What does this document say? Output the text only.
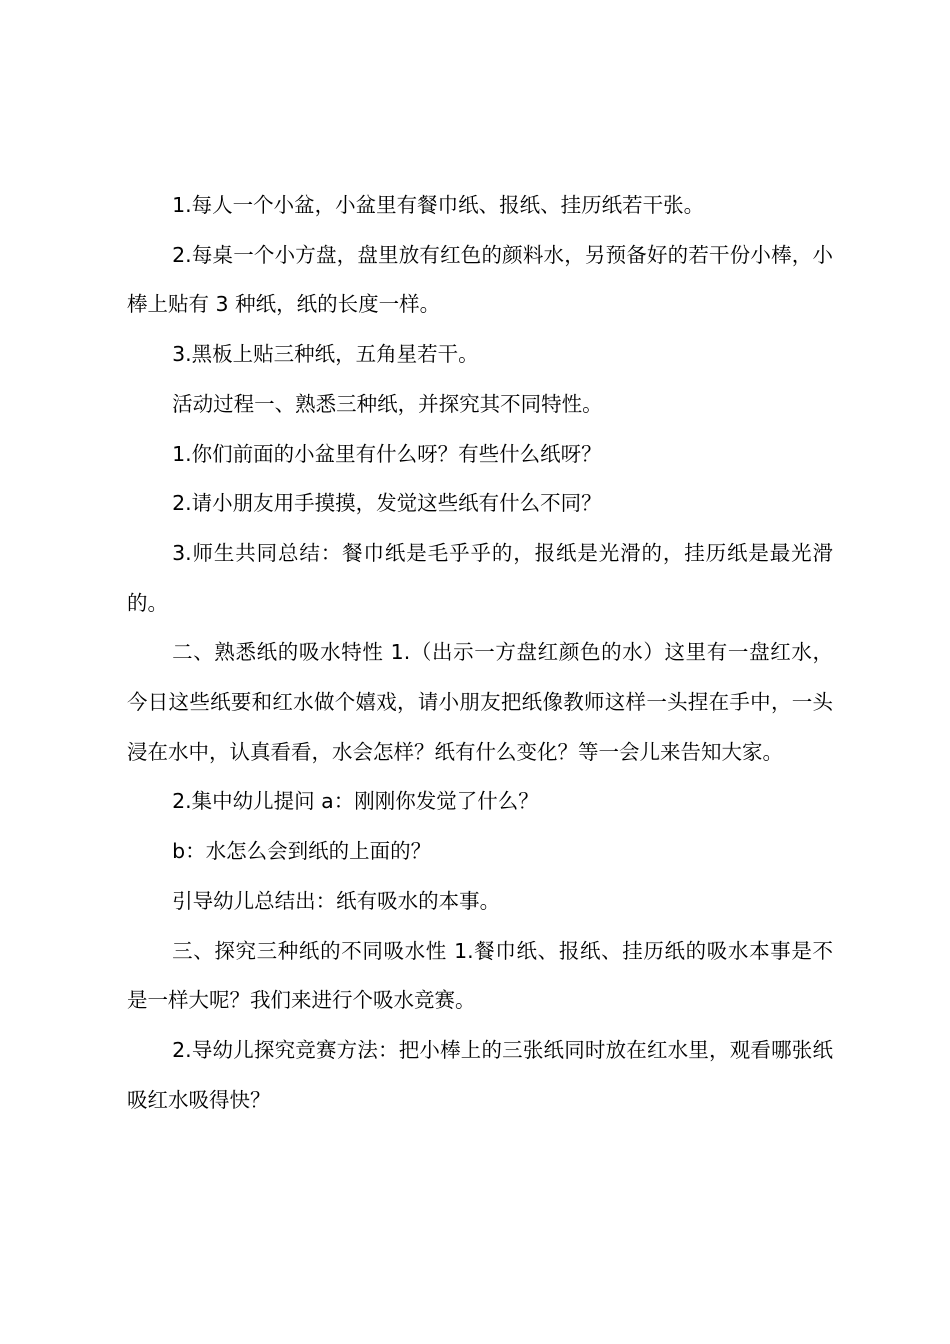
1.每人一个小盆，小盆里有餐巾纸、报纸、挂历纸若干张。

2.每桌一个小方盘，盘里放有红色的颜料水，另预备好的若干份小棒，小棒上贴有 3 种纸，纸的长度一样。

3.黑板上贴三种纸，五角星若干。

活动过程一、熟悉三种纸，并探究其不同特性。

1.你们前面的小盆里有什么呀？有些什么纸呀？

2.请小朋友用手摸摸，发觉这些纸有什么不同？

3.师生共同总结：餐巾纸是毛乎乎的，报纸是光滑的，挂历纸是最光滑的。

二、熟悉纸的吸水特性 1.（出示一方盘红颜色的水）这里有一盘红水，今日这些纸要和红水做个嬉戏，请小朋友把纸像教师这样一头捏在手中，一头浸在水中，认真看看，水会怎样？纸有什么变化？等一会儿来告知大家。

2.集中幼儿提问 a：刚刚你发觉了什么？

b：水怎么会到纸的上面的？

引导幼儿总结出：纸有吸水的本事。

三、探究三种纸的不同吸水性 1.餐巾纸、报纸、挂历纸的吸水本事是不是一样大呢？我们来进行个吸水竞赛。

2.导幼儿探究竞赛方法：把小棒上的三张纸同时放在红水里，观看哪张纸吸红水吸得快？
